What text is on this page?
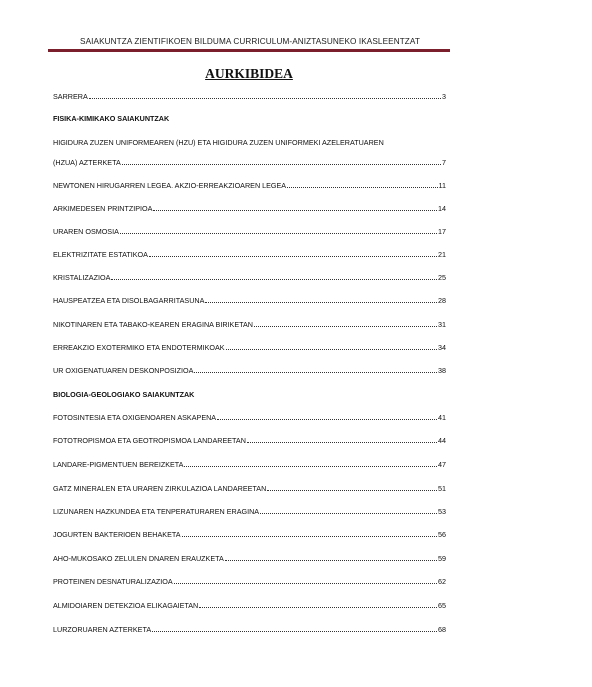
SAIAKUNTZA ZIENTIFIKOEN BILDUMA CURRICULUM-ANIZTASUNEKO IKASLEENTZAT
AURKIBIDEA
SARRERA	3
FISIKA-KIMIKAKO SAIAKUNTZAK
HIGIDURA ZUZEN UNIFORMEAREN (HZU) ETA HIGIDURA ZUZEN UNIFORMEKI AZELERATUAREN
(HZUA) AZTERKETA	7
NEWTONEN HIRUGARREN LEGEA. AKZIO-ERREAKZIOAREN LEGEA	11
ARKIMEDESEN PRINTZIPIOA	14
URAREN OSMOSIA	17
ELEKTRIZITATE ESTATIKOA	21
KRISTALIZAZIOA	25
HAUSPEATZEA ETA DISOLBAGARRITASUNA	28
NIKOTINAREN ETA TABAKO-KEAREN ERAGINA BIRIKETAN	31
ERREAKZIO EXOTERMIKO ETA ENDOTERMIKOAK	34
UR OXIGENATUAREN DESKONPOSIZIOA	38
BIOLOGIA-GEOLOGIAKO SAIAKUNTZAK
FOTOSINTESIA ETA OXIGENOAREN ASKAPENA	41
FOTOTROPISMOA ETA GEOTROPISMOA LANDAREETAN	44
LANDARE-PIGMENTUEN BEREIZKETA	47
GATZ MINERALEN ETA URAREN ZIRKULAZIOA LANDAREETAN	51
LIZUNAREN HAZKUNDEA ETA TENPERATURAREN ERAGINA	53
JOGURTEN BAKTERIOEN BEHAKETA	56
AHO-MUKOSAKO ZELULEN DNAREN ERAUZKETA	59
PROTEINEN DESNATURALIZAZIOA	62
ALMIDOIAREN DETEKZIOA ELIKAGAIETAN	65
LURZORUAREN AZTERKETA	68
